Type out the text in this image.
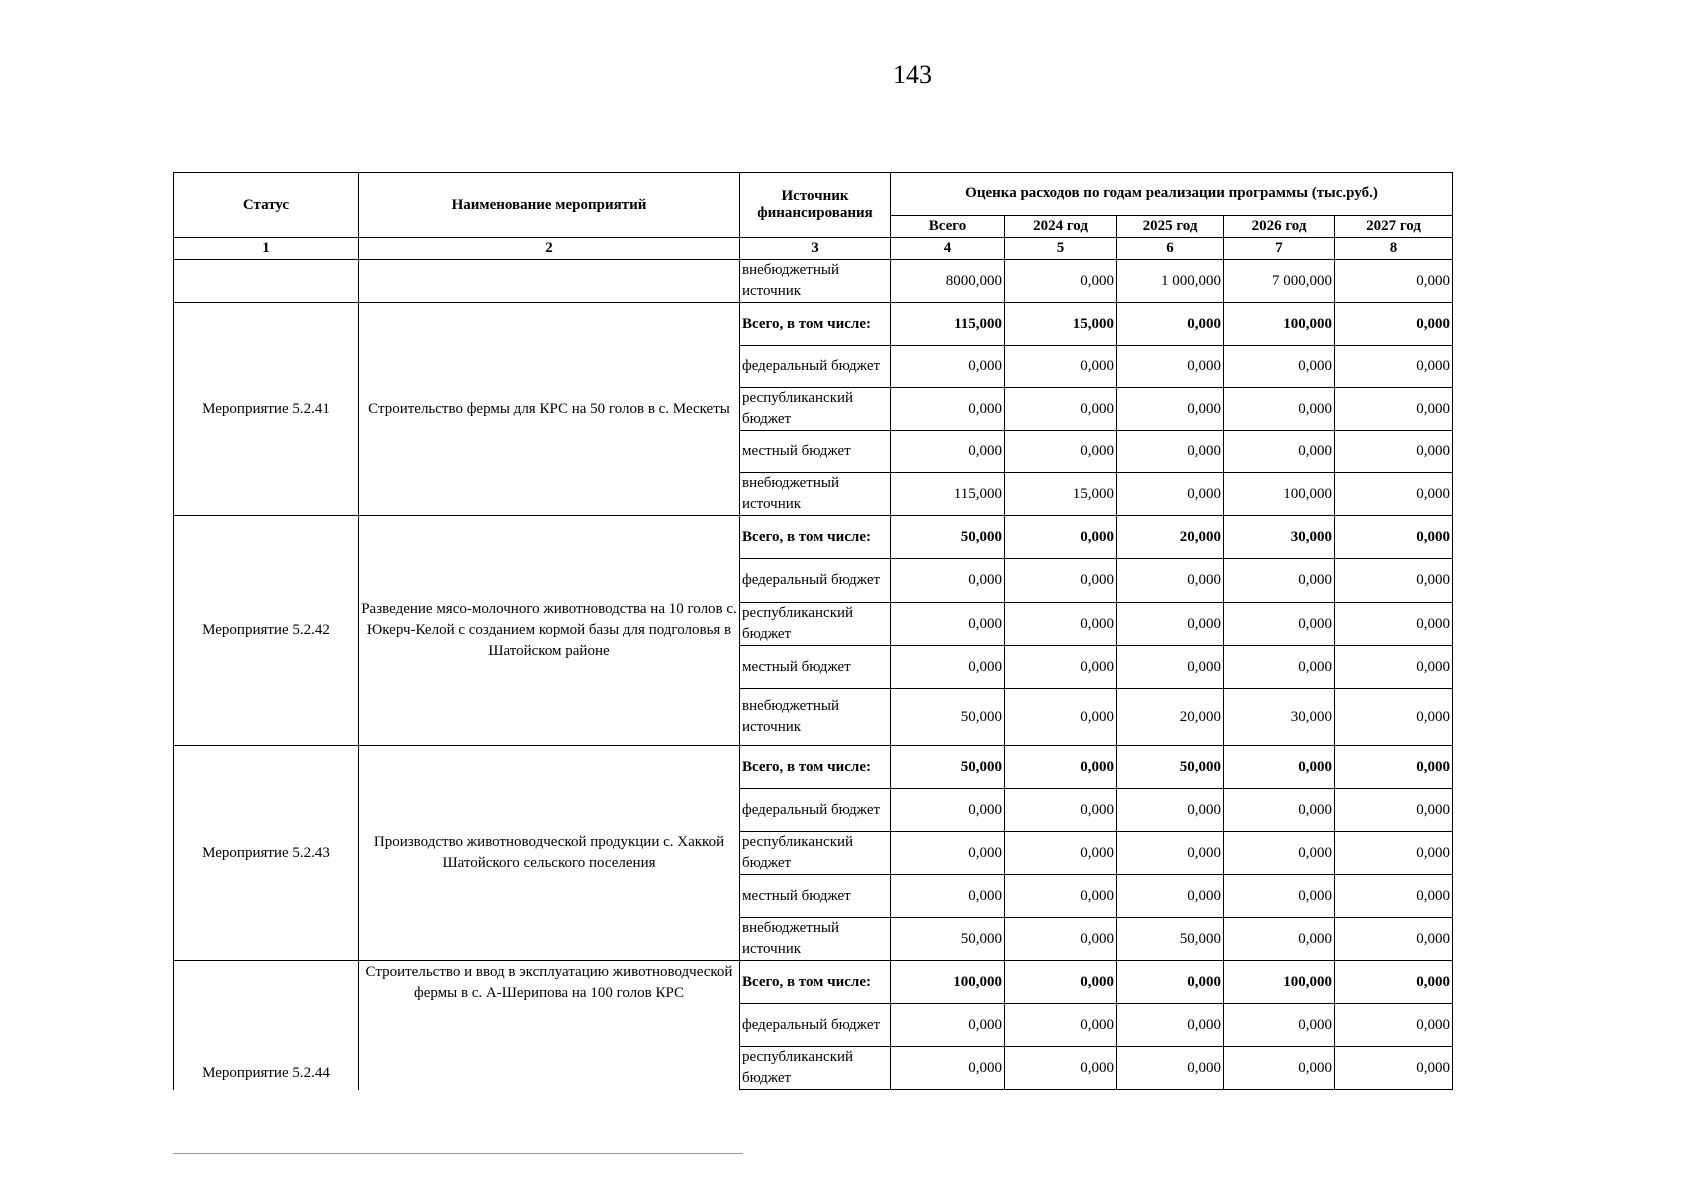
143
Статус	Наименование мероприятий	Источник финансирования	Оценка расходов по годам реализации программы (тыс.руб.)				
			Всего	2024 год	2025 год	2026 год	2027 год
1	2	3	4	5	6	7	8
		внебюджетный источник	8000,000	0,000	1 000,000	7 000,000	0,000
Мероприятие 5.2.41	Строительство фермы для КРС на 50 голов в с. Мескеты	Всего, в том числе:	115,000	15,000	0,000	100,000	0,000
		федеральный бюджет	0,000	0,000	0,000	0,000	0,000
		республиканский бюджет	0,000	0,000	0,000	0,000	0,000
		местный бюджет	0,000	0,000	0,000	0,000	0,000
		внебюджетный источник	115,000	15,000	0,000	100,000	0,000
Мероприятие 5.2.42	Разведение мясо-молочного животноводства на 10 голов с. Юкерч-Келой с созданием кормой базы для подголовья в Шатойском районе	Всего, в том числе:	50,000	0,000	20,000	30,000	0,000
		федеральный бюджет	0,000	0,000	0,000	0,000	0,000
		республиканский бюджет	0,000	0,000	0,000	0,000	0,000
		местный бюджет	0,000	0,000	0,000	0,000	0,000
		внебюджетный источник	50,000	0,000	20,000	30,000	0,000
Мероприятие 5.2.43	Производство животноводческой продукции с. Хаккой Шатойского сельского поселения	Всего, в том числе:	50,000	0,000	50,000	0,000	0,000
		федеральный бюджет	0,000	0,000	0,000	0,000	0,000
		республиканский бюджет	0,000	0,000	0,000	0,000	0,000
		местный бюджет	0,000	0,000	0,000	0,000	0,000
		внебюджетный источник	50,000	0,000	50,000	0,000	0,000
Мероприятие 5.2.44	Строительство и ввод в эксплуатацию животноводческой фермы в с. А-Шерипова на 100 голов КРС	Всего, в том числе:	100,000	0,000	0,000	100,000	0,000
		федеральный бюджет	0,000	0,000	0,000	0,000	0,000
		республиканский бюджет	0,000	0,000	0,000	0,000	0,000
